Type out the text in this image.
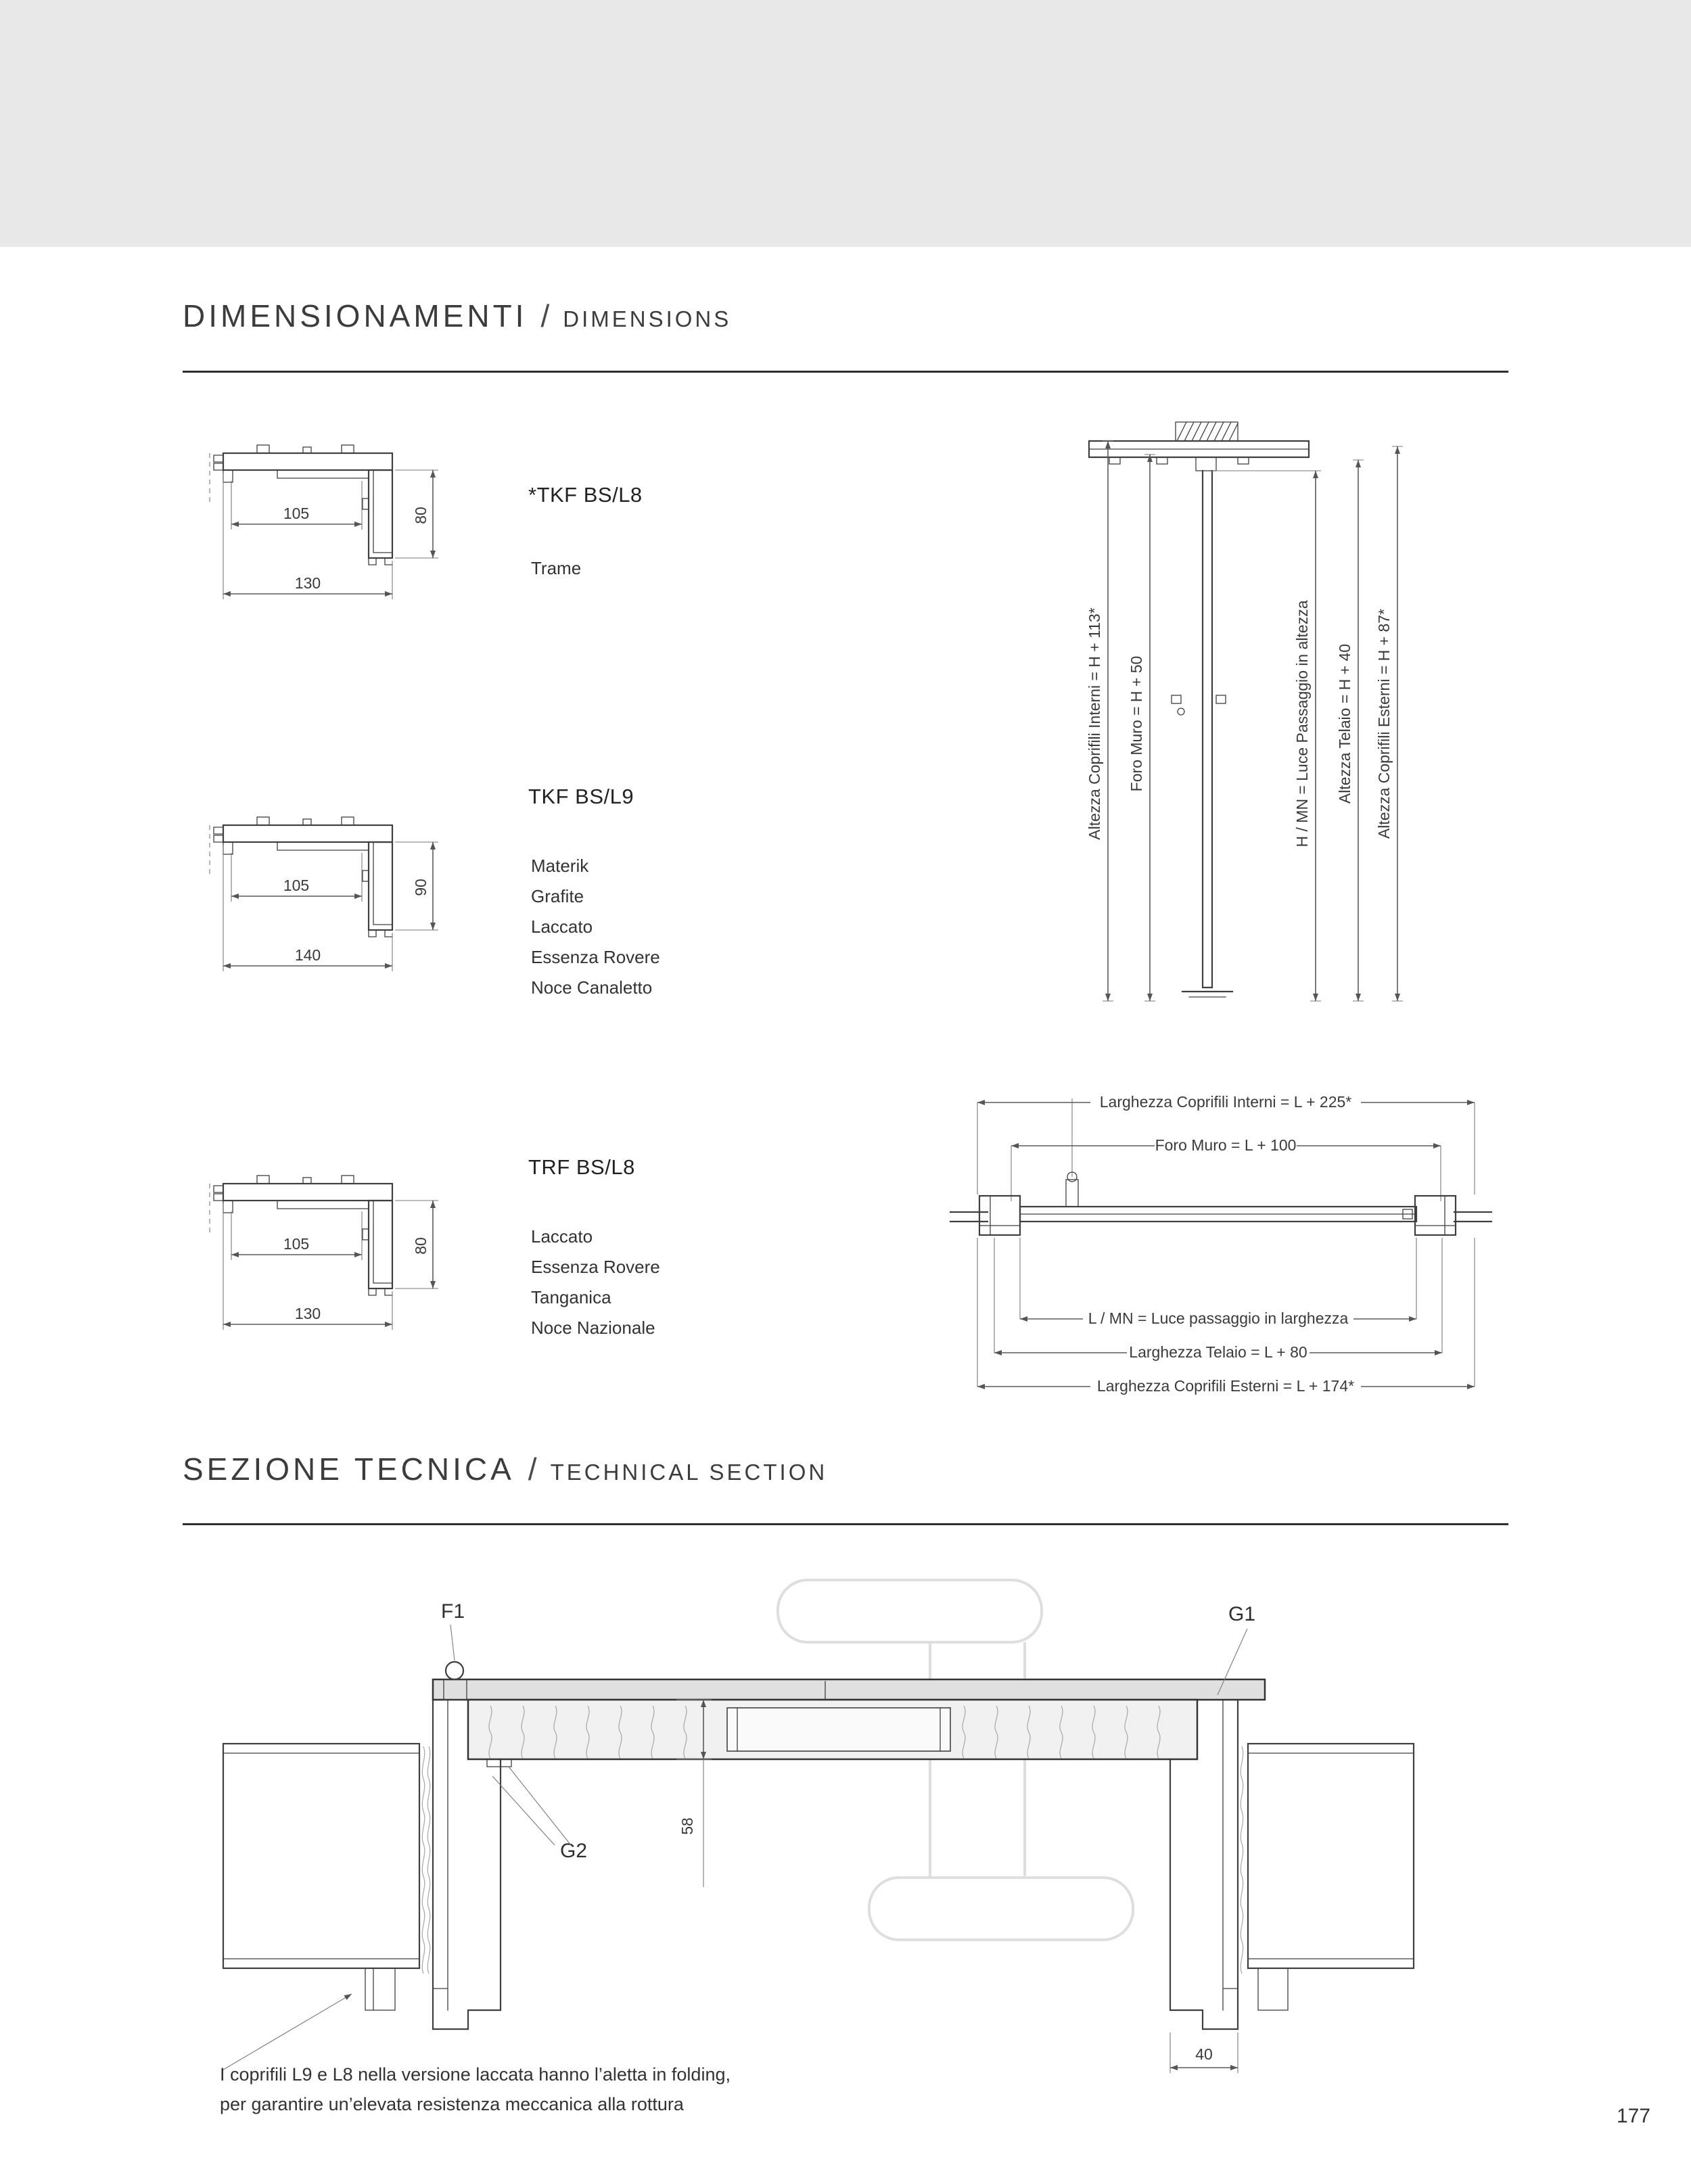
DIMENSIONAMENTI / DIMENSIONS
105
130
80
*TKF BS/L8
Trame
105
140
90
TKF BS/L9
Materik
Grafite
Laccato
Essenza Rovere
Noce Canaletto
105
130
80
TRF BS/L8
Laccato
Essenza Rovere
Tanganica
Noce Nazionale
Altezza Coprifili Interni = H + 113* Foro Muro = H + 50	H / MN = Luce Passaggio in altezza Altezza Telaio = H + 40 Altezza Coprifili Esterni = H + 87*
Larghezza Coprifili Interni = L + 225*
Foro Muro = L + 100
L / MN = Luce passaggio in larghezza
Larghezza Telaio = L + 80
Larghezza Coprifili Esterni = L + 174*
SEZIONE TECNICA / TECHNICAL SECTION
58
40
F1	G1
G2
I coprifili L9 e L8 nella versione laccata hanno l’aletta in folding,
per garantire un’elevata resistenza meccanica alla rottura
177
